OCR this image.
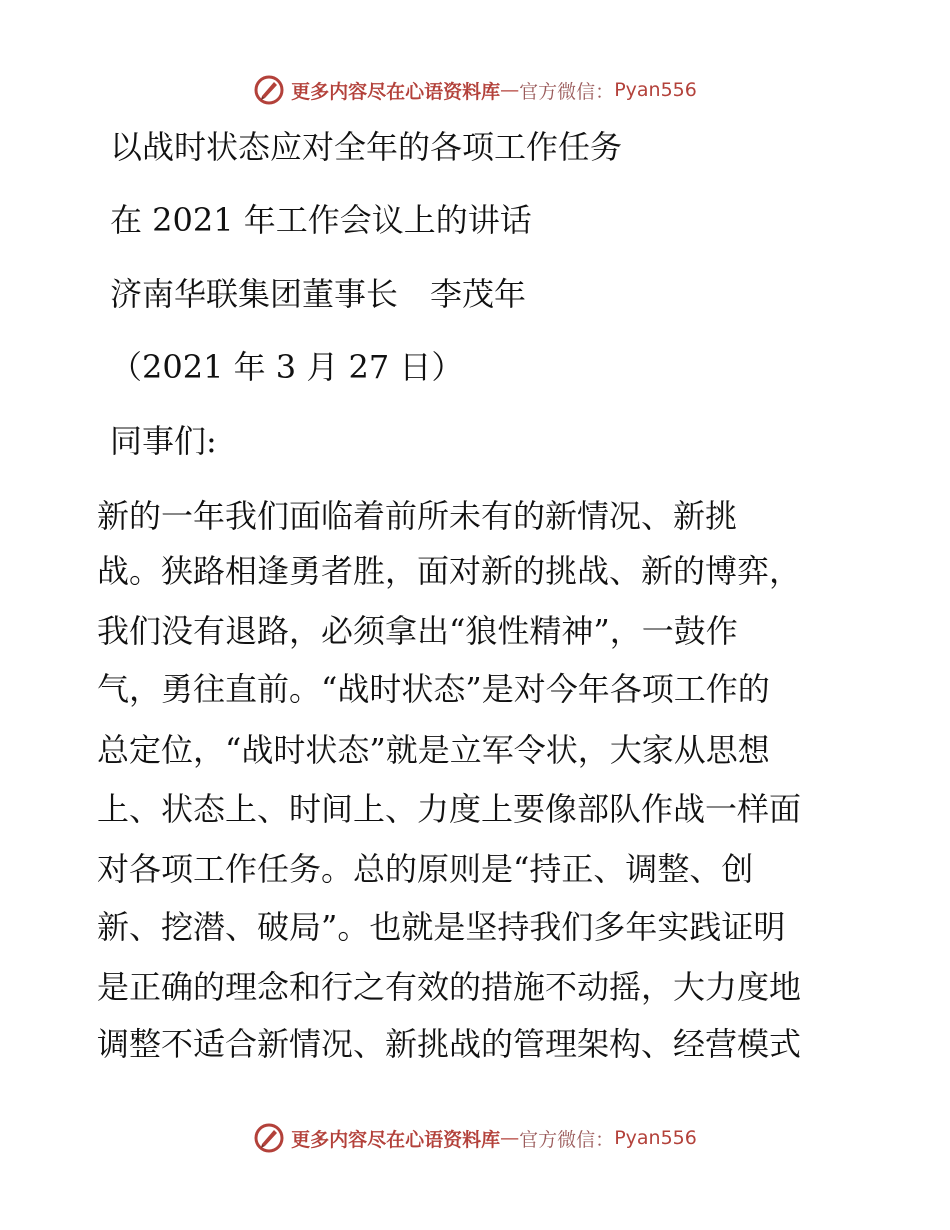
更多内容尽在心语资料库 — 官方微信： Pyan556
以战时状态应对全年的各项工作任务
在 2021 年工作会议上的讲话
济南华联集团董事长　李茂年
（2021 年 3 月 27 日）
同事们:
新的一年我们面临着前所未有的新情况、新挑
战。狭路相逢勇者胜，面对新的挑战、新的博弈，
我们没有退路，必须拿出“狼性精神”，一鼓作
气，勇往直前。“战时状态”是对今年各项工作的
总定位，“战时状态”就是立军令状，大家从思想
上、状态上、时间上、力度上要像部队作战一样面
对各项工作任务。总的原则是“持正、调整、创
新、挖潜、破局”。也就是坚持我们多年实践证明
是正确的理念和行之有效的措施不动摇，大力度地
调整不适合新情况、新挑战的管理架构、经营模式
更多内容尽在心语资料库 — 官方微信： Pyan556
